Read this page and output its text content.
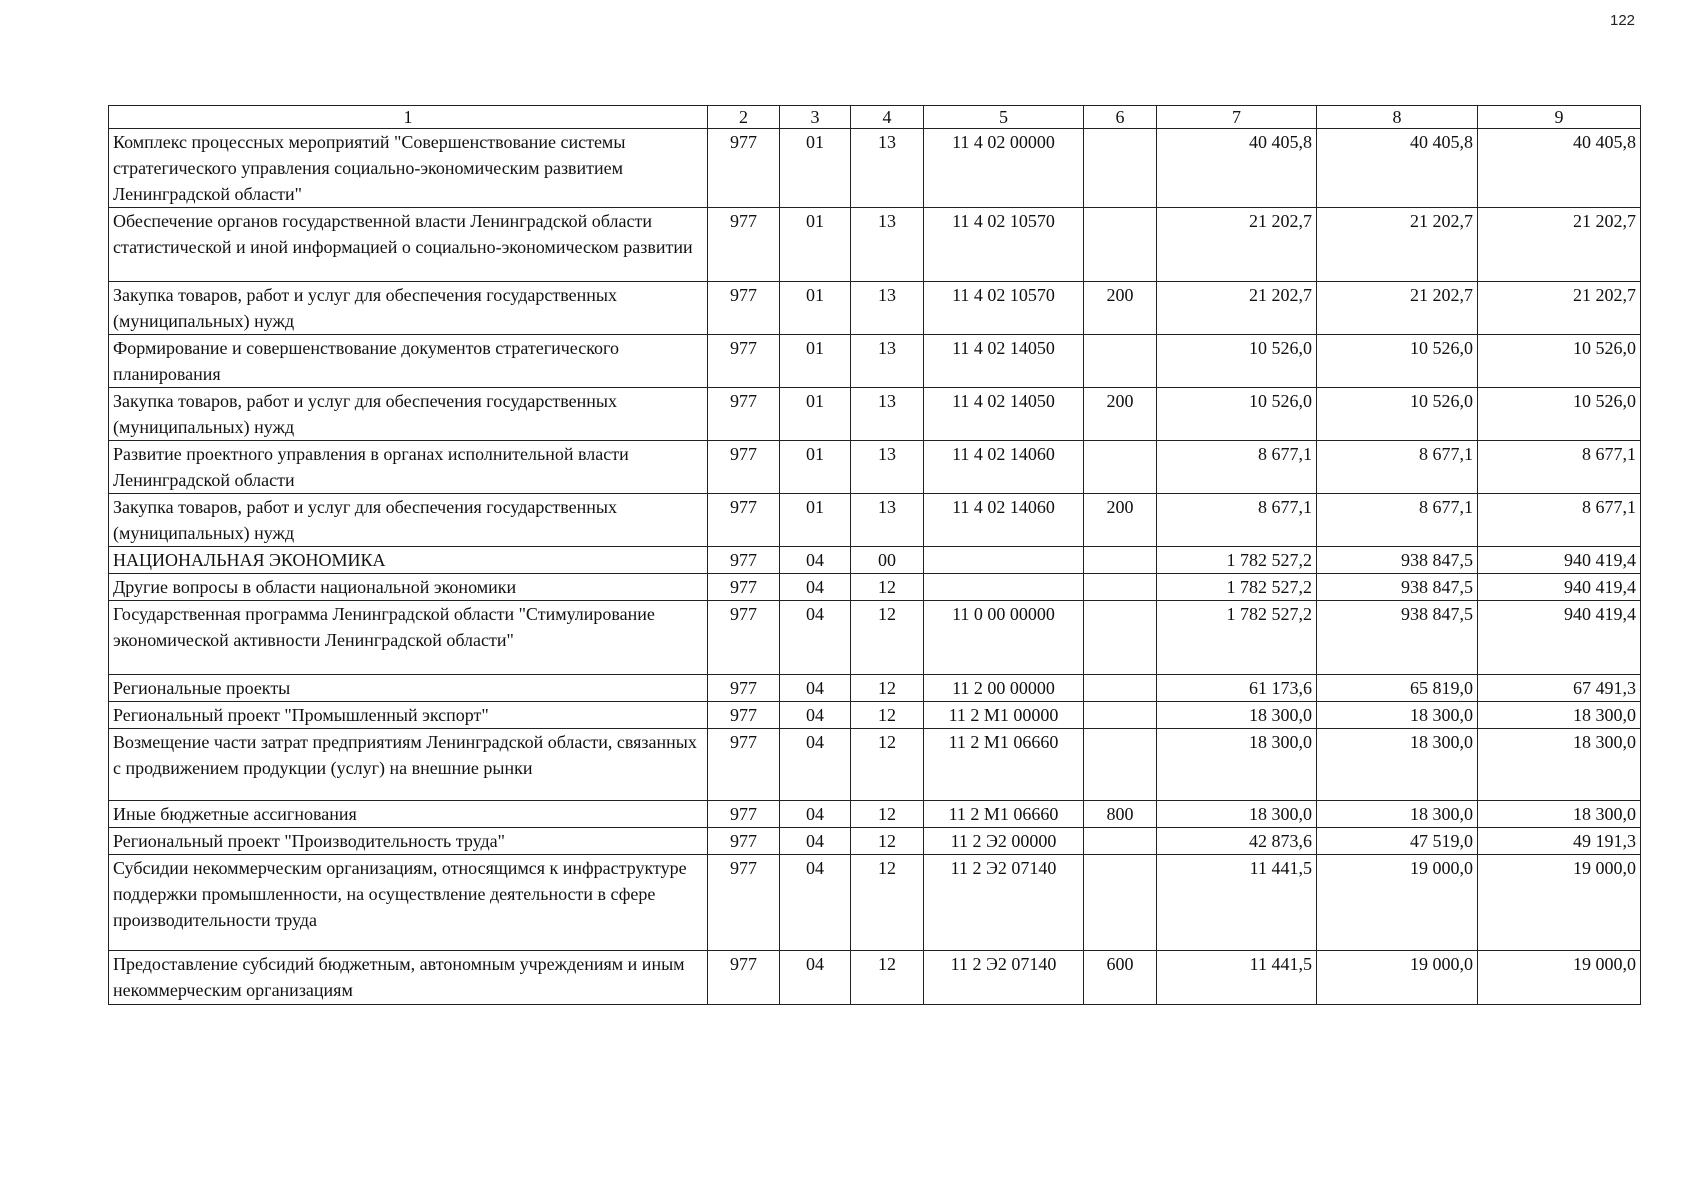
122
1	2	3	4	5	6	7	8	9
Комплекс процессных мероприятий "Совершенствование системы стратегического управления социально-экономическим развитием Ленинградской области"	977	01	13	11 4 02 00000		40 405,8	40 405,8	40 405,8
Обеспечение органов государственной власти Ленинградской области статистической и иной информацией о социально-экономическом развитии	977	01	13	11 4 02 10570		21 202,7	21 202,7	21 202,7
Закупка товаров, работ и услуг для обеспечения государственных (муниципальных) нужд	977	01	13	11 4 02 10570	200	21 202,7	21 202,7	21 202,7
Формирование и совершенствование документов стратегического планирования	977	01	13	11 4 02 14050		10 526,0	10 526,0	10 526,0
Закупка товаров, работ и услуг для обеспечения государственных (муниципальных) нужд	977	01	13	11 4 02 14050	200	10 526,0	10 526,0	10 526,0
Развитие проектного управления в органах исполнительной власти Ленинградской области	977	01	13	11 4 02 14060		8 677,1	8 677,1	8 677,1
Закупка товаров, работ и услуг для обеспечения государственных (муниципальных) нужд	977	01	13	11 4 02 14060	200	8 677,1	8 677,1	8 677,1
НАЦИОНАЛЬНАЯ ЭКОНОМИКА	977	04	00			1 782 527,2	938 847,5	940 419,4
Другие вопросы в области национальной экономики	977	04	12			1 782 527,2	938 847,5	940 419,4
Государственная программа Ленинградской области "Стимулирование экономической активности Ленинградской области"	977	04	12	11 0 00 00000		1 782 527,2	938 847,5	940 419,4
Региональные проекты	977	04	12	11 2 00 00000		61 173,6	65 819,0	67 491,3
Региональный проект "Промышленный экспорт"	977	04	12	11 2 М1 00000		18 300,0	18 300,0	18 300,0
Возмещение части затрат предприятиям Ленинградской области, связанных с продвижением продукции (услуг) на внешние рынки	977	04	12	11 2 М1 06660		18 300,0	18 300,0	18 300,0
Иные бюджетные ассигнования	977	04	12	11 2 М1 06660	800	18 300,0	18 300,0	18 300,0
Региональный проект "Производительность труда"	977	04	12	11 2 Э2 00000		42 873,6	47 519,0	49 191,3
Субсидии некоммерческим организациям, относящимся к инфраструктуре поддержки промышленности, на осуществление деятельности в сфере производительности труда	977	04	12	11 2 Э2 07140		11 441,5	19 000,0	19 000,0
Предоставление субсидий бюджетным, автономным учреждениям и иным некоммерческим организациям	977	04	12	11 2 Э2 07140	600	11 441,5	19 000,0	19 000,0
